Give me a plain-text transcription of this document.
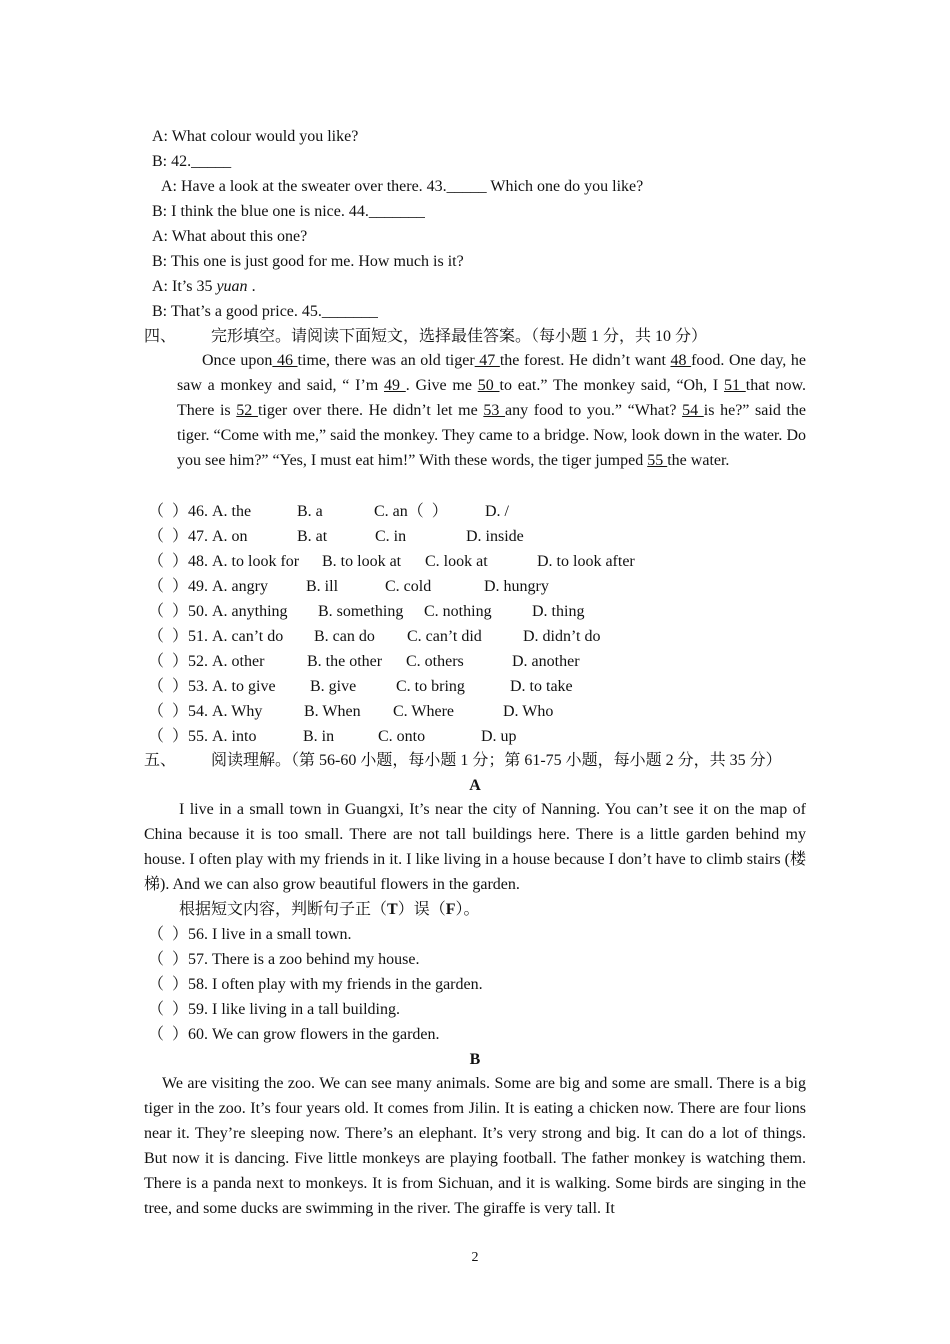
A: What colour would you like?
B: 42._____
A: Have a look at the sweater over there. 43._____ Which one do you like?
B: I think the blue one is nice. 44._______
A: What about this one?
B: This one is just good for me. How much is it?
A: It’s 35 yuan .
B: That’s a good price. 45._______
四、 完形填空。请阅读下面短文，选择最佳答案。（每小题 1 分，共 10 分）
Once upon 46 time, there was an old tiger 47 the forest. He didn’t want 48 food. One day, he saw a monkey and said, “ I’m 49 . Give me 50 to eat.” The monkey said, “Oh, I 51 that now. There is 52 tiger over there. He didn’t let me 53 any food to you.” “What? 54 is he?” said the tiger. “Come with me,” said the monkey. They came to a bridge. Now, look down in the water. Do you see him?” “Yes, I must eat him!” With these words, the tiger jumped 55 the water.
（  ）46. A. the	B. a	C. an（  ） D. /
（  ）47. A. on	B. at	C. in	D. inside
（  ）48. A. to look for B. to look at C. look at	D. to look after
（  ）49. A. angry B. ill	C. cold	D. hungry
（  ）50. A. anything B. something C. nothing	D. thing
（  ）51. A. can’t do B. can do C. can’t did	D. didn’t do
（  ）52. A. other	B. the other C. others	D. another
（  ）53. A. to give B. give C. to bring	D. to take
（  ）54. A. Why	B. When C. Where	D. Who
（  ）55. A. into	B. in	C. onto	D. up
五、 阅读理解。（第 56-60 小题，每小题 1 分；第 61-75 小题，每小题 2 分，共 35 分）
A
I live in a small town in Guangxi, It’s near the city of Nanning. You can’t see it on the map of China because it is too small. There are not tall buildings here. There is a little garden behind my house. I often play with my friends in it. I like living in a house because I don’t have to climb stairs (楼梯). And we can also grow beautiful flowers in the garden.
根据短文内容，判断句子正（T）误（F）。
（  ）56. I live in a small town.
（  ）57. There is a zoo behind my house.
（  ）58. I often play with my friends in the garden.
（  ）59. I like living in a tall building.
（  ）60. We can grow flowers in the garden.
B
We are visiting the zoo. We can see many animals. Some are big and some are small. There is a big tiger in the zoo. It’s four years old. It comes from Jilin. It is eating a chicken now. There are four lions near it. They’re sleeping now. There’s an elephant. It’s very strong and big. It can do a lot of things. But now it is dancing. Five little monkeys are playing football. The father monkey is watching them. There is a panda next to monkeys. It is from Sichuan, and it is walking. Some birds are singing in the tree, and some ducks are swimming in the river. The giraffe is very tall. It
2
